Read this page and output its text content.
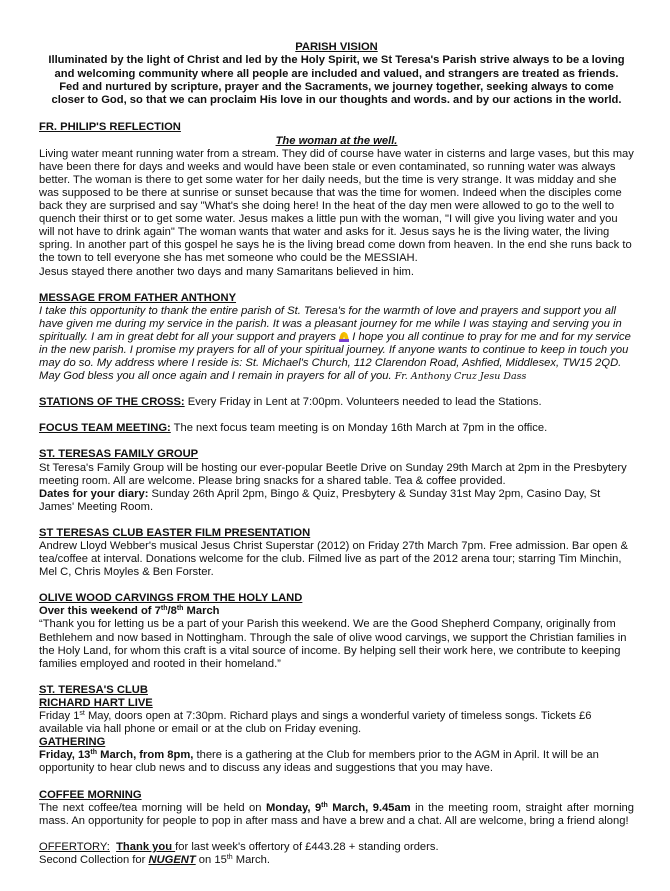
PARISH VISION
Illuminated by the light of Christ and led by the Holy Spirit, we St Teresa's Parish strive always to be a loving
and welcoming community where all people are included and valued, and strangers are treated as friends.
Fed and nurtured by scripture, prayer and the Sacraments, we journey together, seeking always to come
closer to God, so that we can proclaim His love in our thoughts and words. and by our actions in the world.
FR. PHILIP'S REFLECTION
The woman at the well.
Living water meant running water from a stream. They did of course have water in cisterns and large vases, but this may have been there for days and weeks and would have been stale or even contaminated, so running water was always better. The woman is there to get some water for her daily needs, but the time is very strange. It was midday and she was supposed to be there at sunrise or sunset because that was the time for women. Indeed when the disciples come back they are surprised and say "What's she doing here! In the heat of the day men were allowed to go to the well to quench their thirst or to get some water. Jesus makes a little pun with the woman, "I will give you living water and you will not have to drink again" The woman wants that water and asks for it. Jesus says he is the living water, the living spring. In another part of this gospel he says he is the living bread come down from heaven. In the end she runs back to the town to tell everyone she has met someone who could be the MESSIAH.
Jesus stayed there another two days and many Samaritans believed in him.
MESSAGE FROM FATHER ANTHONY
I take this opportunity to thank the entire parish of St. Teresa's for the warmth of love and prayers and support you all have given me during my service in the parish. It was a pleasant journey for me while I was staying and serving you in spiritually. I am in great debt for all your support and prayers
I hope you all continue to pray for me and for my service in the new parish. I promise my prayers for all of your spiritual journey. If anyone wants to continue to keep in touch you may do so. My address where I reside is: St. Michael's Church, 112 Clarendon Road, Ashfied, Middlesex, TW15 2QD. May God bless you all once again and I remain in prayers for all of you. Fr. Anthony Cruz Jesu Dass
STATIONS OF THE CROSS: Every Friday in Lent at 7:00pm. Volunteers needed to lead the Stations.
FOCUS TEAM MEETING: The next focus team meeting is on Monday 16th March at 7pm in the office.
ST. TERESAS FAMILY GROUP
St Teresa's Family Group will be hosting our ever-popular Beetle Drive on Sunday 29th March at 2pm in the Presbytery meeting room. All are welcome. Please bring snacks for a shared table. Tea & coffee provided.
Dates for your diary: Sunday 26th April 2pm, Bingo & Quiz, Presbytery & Sunday 31st May 2pm, Casino Day, St James' Meeting Room.
ST TERESAS CLUB EASTER FILM PRESENTATION
Andrew Lloyd Webber's musical Jesus Christ Superstar (2012) on Friday 27th March 7pm. Free admission. Bar open & tea/coffee at interval. Donations welcome for the club. Filmed live as part of the 2012 arena tour; starring Tim Minchin, Mel C, Chris Moyles & Ben Forster.
OLIVE WOOD CARVINGS FROM THE HOLY LAND
Over this weekend of 7th/8th March
“Thank you for letting us be a part of your Parish this weekend. We are the Good Shepherd Company, originally from Bethlehem and now based in Nottingham. Through the sale of olive wood carvings, we support the Christian families in the Holy Land, for whom this craft is a vital source of income. By helping sell their work here, we contribute to keeping families employed and rooted in their homeland.”
ST. TERESA'S CLUB
RICHARD HART LIVE
Friday 1st May, doors open at 7:30pm. Richard plays and sings a wonderful variety of timeless songs. Tickets £6 available via hall phone or email or at the club on Friday evening.
GATHERING
Friday, 13th March, from 8pm, there is a gathering at the Club for members prior to the AGM in April. It will be an opportunity to hear club news and to discuss any ideas and suggestions that you may have.
COFFEE MORNING
The next coffee/tea morning will be held on Monday, 9th March, 9.45am in the meeting room, straight after morning mass. An opportunity for people to pop in after mass and have a brew and a chat. All are welcome, bring a friend along!
OFFERTORY: Thank you for last week's offertory of £443.28 + standing orders.
Second Collection for NUGENT on 15th March.
